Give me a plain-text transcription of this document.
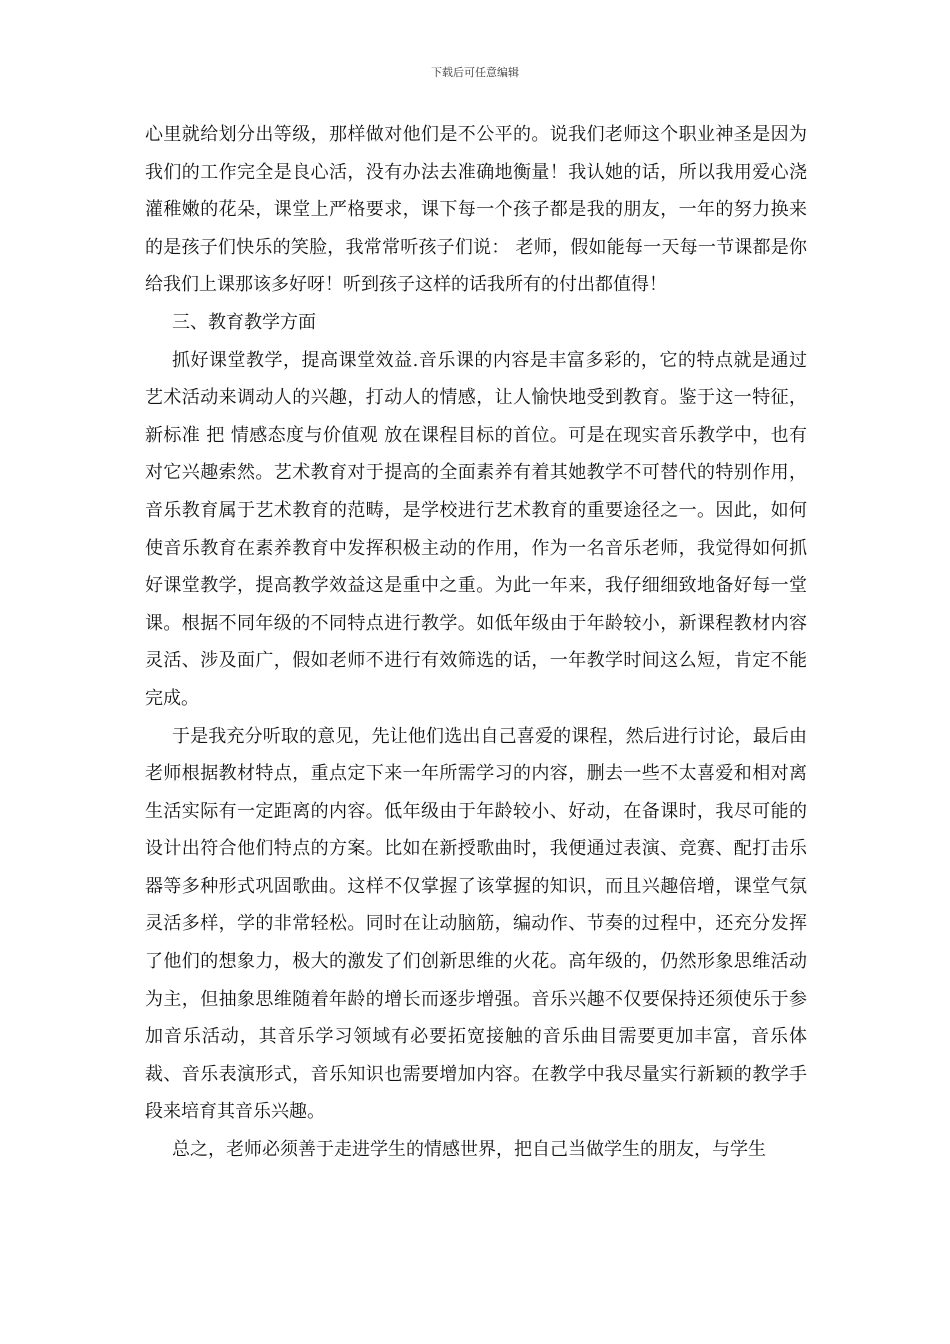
下载后可任意编辑

心里就给划分出等级，那样做对他们是不公平的。说我们老师这个职业神圣是因为我们的工作完全是良心活，没有办法去准确地衡量！我认她的话，所以我用爱心浇灌稚嫩的花朵，课堂上严格要求，课下每一个孩子都是我的朋友，一年的努力换来的是孩子们快乐的笑脸，我常常听孩子们说： 老师，假如能每一天每一节课都是你给我们上课那该多好呀！听到孩子这样的话我所有的付出都值得！

三、教育教学方面

抓好课堂教学，提高课堂效益.音乐课的内容是丰富多彩的，它的特点就是通过艺术活动来调动人的兴趣，打动人的情感，让人愉快地受到教育。鉴于这一特征， 新标准 把 情感态度与价值观 放在课程目标的首位。可是在现实音乐教学中，也有对它兴趣索然。艺术教育对于提高的全面素养有着其她教学不可替代的特别作用，音乐教育属于艺术教育的范畴，是学校进行艺术教育的重要途径之一。因此，如何使音乐教育在素养教育中发挥积极主动的作用，作为一名音乐老师，我觉得如何抓好课堂教学，提高教学效益这是重中之重。为此一年来，我仔细细致地备好每一堂课。根据不同年级的不同特点进行教学。如低年级由于年龄较小，新课程教材内容灵活、涉及面广，假如老师不进行有效筛选的话，一年教学时间这么短，肯定不能完成。

于是我充分听取的意见，先让他们选出自己喜爱的课程，然后进行讨论，最后由老师根据教材特点，重点定下来一年所需学习的内容，删去一些不太喜爱和相对离生活实际有一定距离的内容。低年级由于年龄较小、好动，在备课时，我尽可能的设计出符合他们特点的方案。比如在新授歌曲时，我便通过表演、竞赛、配打击乐器等多种形式巩固歌曲。这样不仅掌握了该掌握的知识，而且兴趣倍增，课堂气氛灵活多样，学的非常轻松。同时在让动脑筋，编动作、节奏的过程中，还充分发挥了他们的想象力，极大的激发了们创新思维的火花。高年级的，仍然形象思维活动为主，但抽象思维随着年龄的增长而逐步增强。音乐兴趣不仅要保持还须使乐于参加音乐活动，其音乐学习领域有必要拓宽接触的音乐曲目需要更加丰富，音乐体裁、音乐表演形式，音乐知识也需要增加内容。在教学中我尽量实行新颖的教学手段来培育其音乐兴趣。

总之，老师必须善于走进学生的情感世界，把自己当做学生的朋友，与学生
